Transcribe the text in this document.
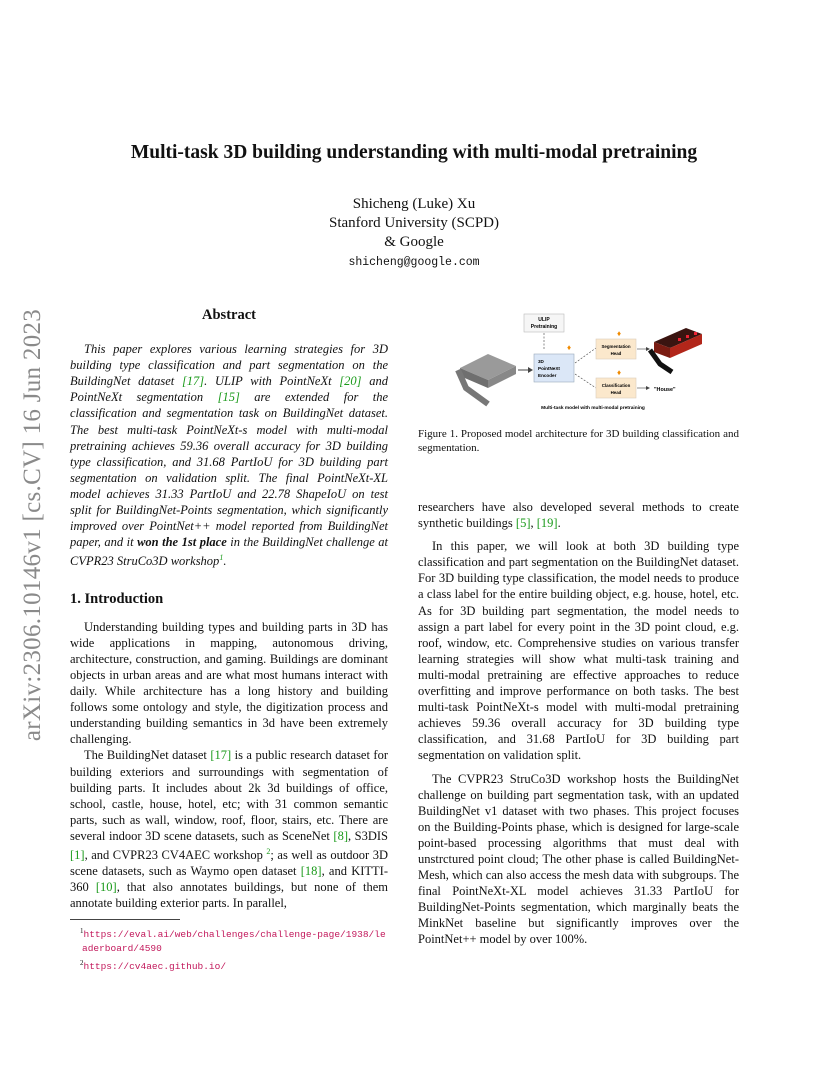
arXiv:2306.10146v1 [cs.CV] 16 Jun 2023
Multi-task 3D building understanding with multi-modal pretraining
Shicheng (Luke) Xu
Stanford University (SCPD)
& Google
shicheng@google.com
Abstract

This paper explores various learning strategies for 3D building type classification and part segmentation on the BuildingNet dataset [17]. ULIP with PointNeXt [20] and PointNeXt segmentation [15] are extended for the classification and segmentation task on BuildingNet dataset. The best multi-task PointNeXt-s model with multi-modal pretraining achieves 59.36 overall accuracy for 3D building type classification, and 31.68 PartIoU for 3D building part segmentation on validation split. The final PointNeXt-XL model achieves 31.33 PartIoU and 22.78 ShapeIoU on test split for BuildingNet-Points segmentation, which significantly improved over PointNet++ model reported from BuildingNet paper, and it won the 1st place in the BuildingNet challenge at CVPR23 StruCo3D workshop$^1$.

1. Introduction

Understanding building types and building parts in 3D has wide applications in mapping, autonomous driving, architecture, construction, and gaming. Buildings are dominant objects in urban areas and are what most humans interact with daily. While architecture has a long history and building follows some ontology and style, the digitization process and understanding building semantics in 3d have been extremely challenging.

The BuildingNet dataset [17] is a public research dataset for building exteriors and surroundings with segmentation of building parts. It includes about 2k 3d buildings of office, school, castle, house, hotel, etc; with 31 common semantic parts, such as wall, window, roof, floor, stairs, etc. There are several indoor 3D scene datasets, such as SceneNet [8], S3DIS [1], and CVPR23 CV4AEC workshop $^2$; as well as outdoor 3D scene datasets, such as Waymo open dataset [18], and KITTI-360 [10], that also annotates buildings, but none of them annotate building exterior parts. In parallel,

$^1$https://eval.ai/web/challenges/challenge-page/1938/leaderboard/4590
$^2$https://cv4aec.github.io/
ULIP
Pretraining
3D
PointNeXt
Encoder
♦	Segmentation
Head
♦
Classification
Head
♦
"House"
Multi-task model with multi-modal pretraining
Figure 1. Proposed model architecture for 3D building classification and segmentation.

researchers have also developed several methods to create synthetic buildings [5], [19].

In this paper, we will look at both 3D building type classification and part segmentation on the BuildingNet dataset. For 3D building type classification, the model needs to produce a class label for the entire building object, e.g. house, hotel, etc. As for 3D building part segmentation, the model needs to assign a part label for every point in the 3D point cloud, e.g. roof, window, etc. Comprehensive studies on various transfer learning strategies will show what multi-task training and multi-modal pretraining are effective approaches to reduce overfitting and improve performance on both tasks. The best multi-task PointNeXt-s model with multi-modal pretraining achieves 59.36 overall accuracy for 3D building type classification, and 31.68 PartIoU for 3D building part segmentation on validation split.

The CVPR23 StruCo3D workshop hosts the BuildingNet challenge on building part segmentation task, with an updated BuildingNet v1 dataset with two phases. This project focuses on the Building-Points phase, which is designed for large-scale point-based processing algorithms that must deal with unstrctured point cloud; The other phase is called BuildingNet-Mesh, which can also access the mesh data with subgroups. The final PointNeXt-XL model achieves 31.33 PartIoU for BuildingNet-Points segmentation, which marginally beats the MinkNet baseline but significantly improves over the PointNet++ model by over 100%.
